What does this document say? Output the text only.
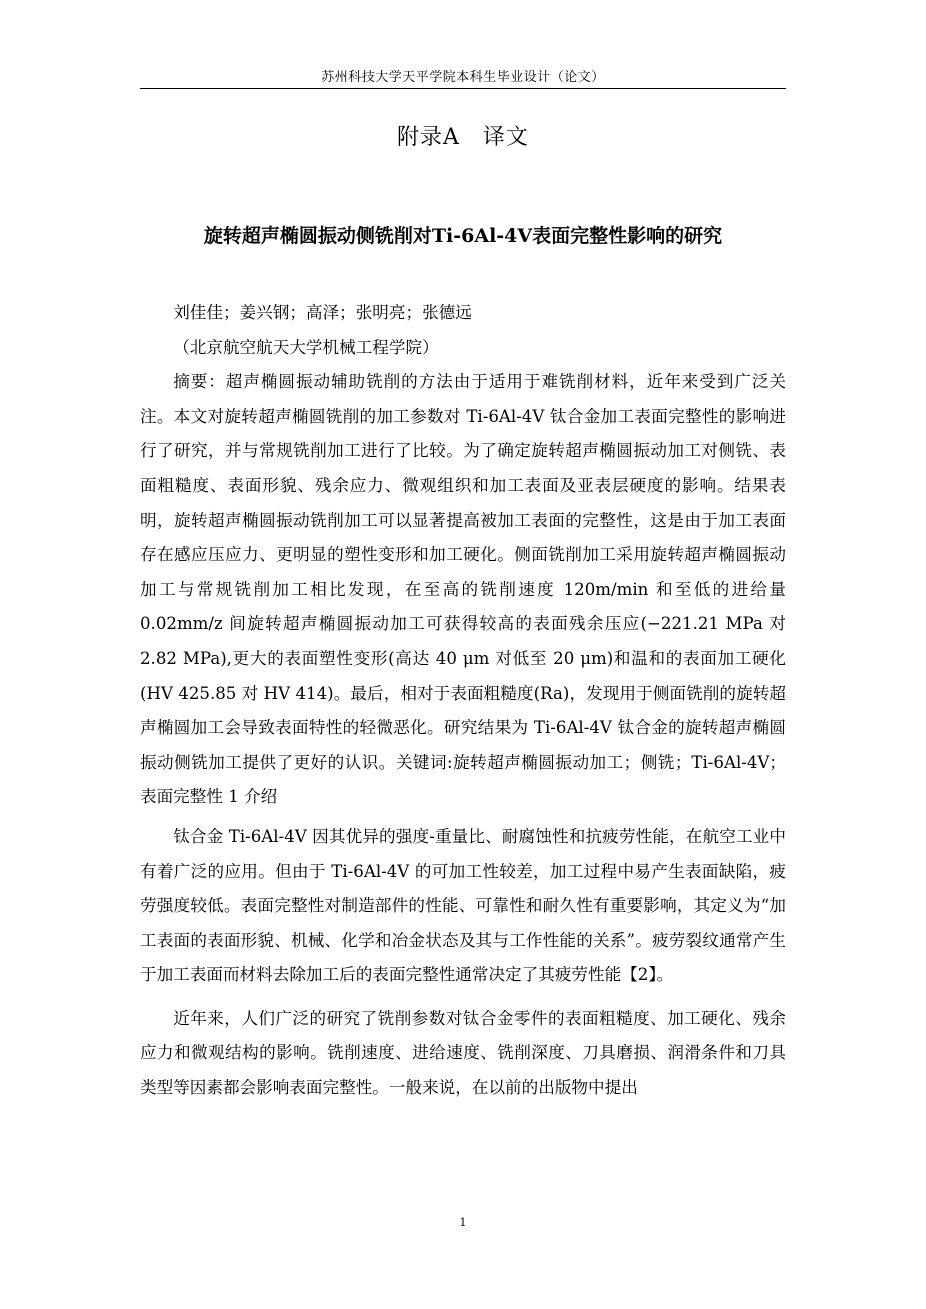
苏州科技大学天平学院本科生毕业设计（论文）
附录A　译文
旋转超声椭圆振动侧铣削对Ti-6Al-4V表面完整性影响的研究

刘佳佳；姜兴钢；高泽；张明亮；张德远

（北京航空航天大学机械工程学院）

摘要：超声椭圆振动辅助铣削的方法由于适用于难铣削材料，近年来受到广泛关注。本文对旋转超声椭圆铣削的加工参数对 Ti-6Al-4V 钛合金加工表面完整性的影响进行了研究，并与常规铣削加工进行了比较。为了确定旋转超声椭圆振动加工对侧铣、表面粗糙度、表面形貌、残余应力、微观组织和加工表面及亚表层硬度的影响。结果表明，旋转超声椭圆振动铣削加工可以显著提高被加工表面的完整性，这是由于加工表面存在感应压应力、更明显的塑性变形和加工硬化。侧面铣削加工采用旋转超声椭圆振动加工与常规铣削加工相比发现，在至高的铣削速度 120m/min 和至低的进给量 0.02mm/z 间旋转超声椭圆振动加工可获得较高的表面残余压应(−221.21 MPa 对 2.82 MPa),更大的表面塑性变形(高达 40 μm 对低至 20 μm)和温和的表面加工硬化(HV 425.85 对 HV 414)。最后，相对于表面粗糙度(Ra)，发现用于侧面铣削的旋转超声椭圆加工会导致表面特性的轻微恶化。研究结果为 Ti-6Al-4V 钛合金的旋转超声椭圆振动侧铣加工提供了更好的认识。关键词:旋转超声椭圆振动加工；侧铣；Ti-6Al-4V；表面完整性 1 介绍

钛合金 Ti-6Al-4V 因其优异的强度-重量比、耐腐蚀性和抗疲劳性能，在航空工业中有着广泛的应用。但由于 Ti-6Al-4V 的可加工性较差，加工过程中易产生表面缺陷，疲劳强度较低。表面完整性对制造部件的性能、可靠性和耐久性有重要影响，其定义为“加工表面的表面形貌、机械、化学和冶金状态及其与工作性能的关系”。疲劳裂纹通常产生于加工表面而材料去除加工后的表面完整性通常决定了其疲劳性能【2】。

近年来，人们广泛的研究了铣削参数对钛合金零件的表面粗糙度、加工硬化、残余应力和微观结构的影响。铣削速度、进给速度、铣削深度、刀具磨损、润滑条件和刀具类型等因素都会影响表面完整性。一般来说，在以前的出版物中提出

1
